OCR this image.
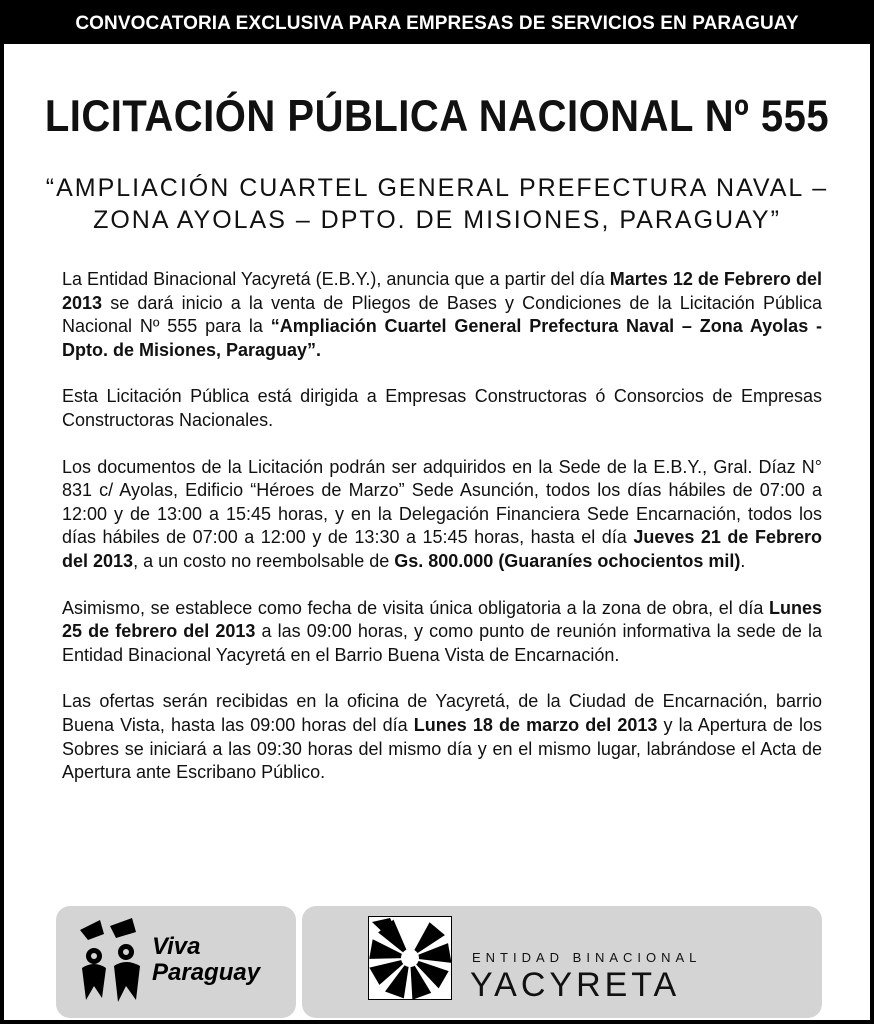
CONVOCATORIA EXCLUSIVA PARA EMPRESAS DE SERVICIOS EN PARAGUAY
LICITACIÓN PÚBLICA NACIONAL Nº 555
“AMPLIACIÓN CUARTEL GENERAL PREFECTURA NAVAL –
ZONA AYOLAS – DPTO. DE MISIONES, PARAGUAY”

La Entidad Binacional Yacyretá (E.B.Y.), anuncia que a partir del día Martes 12 de Febrero del 2013 se dará inicio a la venta de Pliegos de Bases y Condiciones de la Licitación Pública Nacional Nº 555 para la “Ampliación Cuartel General Prefectura Naval – Zona Ayolas - Dpto. de Misiones, Paraguay”.

Esta Licitación Pública está dirigida a Empresas Constructoras ó Consorcios de Empresas Constructoras Nacionales.

Los documentos de la Licitación podrán ser adquiridos en la Sede de la E.B.Y., Gral. Díaz N° 831 c/ Ayolas, Edificio “Héroes de Marzo” Sede Asunción, todos los días hábiles de 07:00 a 12:00 y de 13:00 a 15:45 horas, y en la Delegación Financiera Sede Encarnación, todos los días hábiles de 07:00 a 12:00 y de 13:30 a 15:45 horas, hasta el día Jueves 21 de Febrero del 2013, a un costo no reembolsable de Gs. 800.000 (Guaraníes ochocientos mil).

Asimismo, se establece como fecha de visita única obligatoria a la zona de obra, el día Lunes 25 de febrero del 2013 a las 09:00 horas, y como punto de reunión informativa la sede de la Entidad Binacional Yacyretá en el Barrio Buena Vista de Encarnación.

Las ofertas serán recibidas en la oficina de Yacyretá, de la Ciudad de Encarnación, barrio Buena Vista, hasta las 09:00 horas del día Lunes 18 de marzo del 2013 y la Apertura de los Sobres se iniciará a las 09:30 horas del mismo día y en el mismo lugar, labrándose el Acta de Apertura ante Escribano Público.

Viva
Paraguay
ENTIDAD BINACIONAL
YACYRETA
